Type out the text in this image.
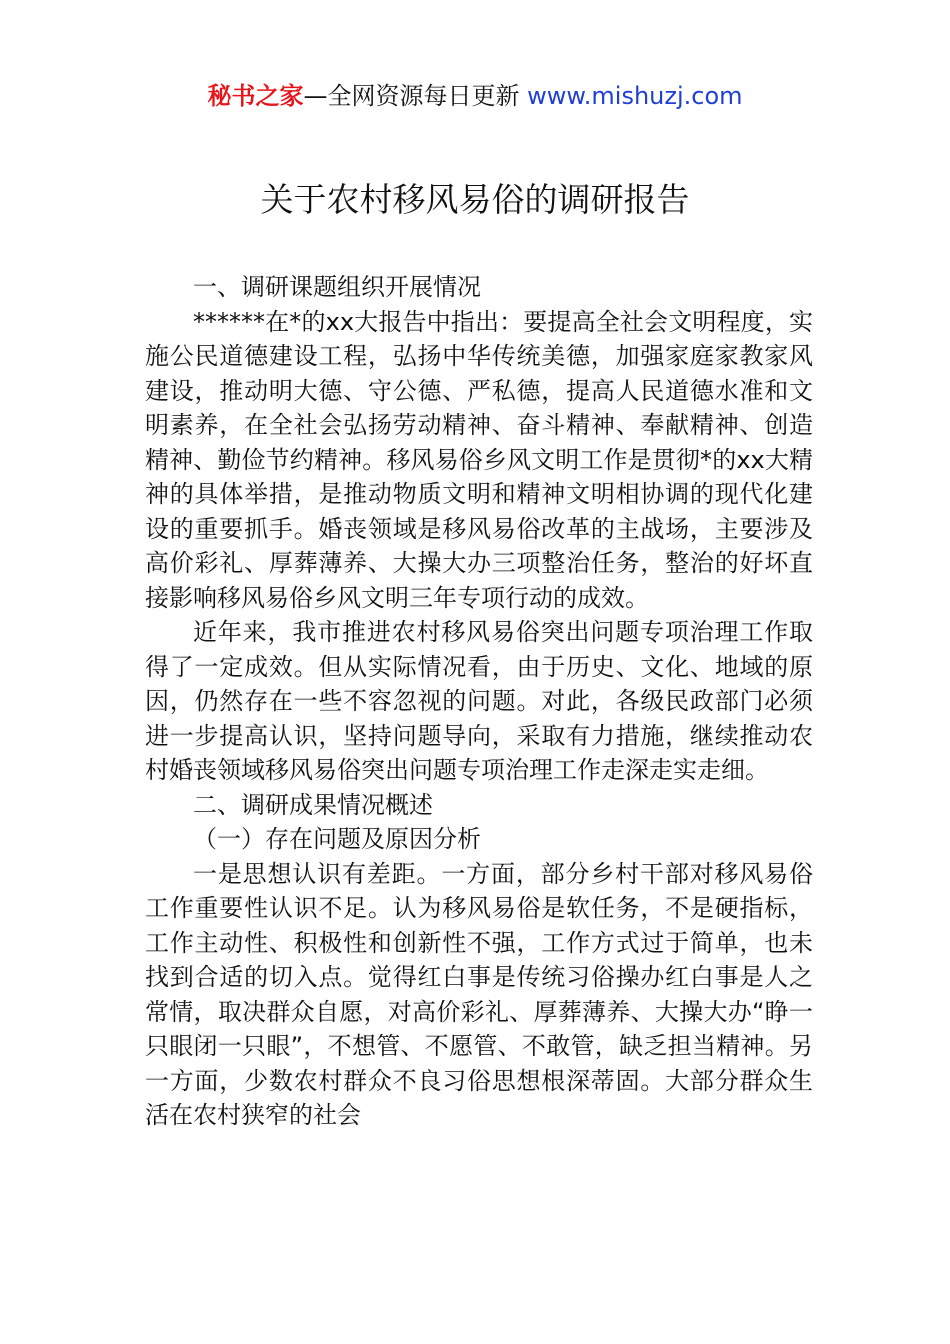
秘书之家—全网资源每日更新 www.mishuzj.com
关于农村移风易俗的调研报告

一、调研课题组织开展情况

******在*的xx大报告中指出：要提高全社会文明程度，实施公民道德建设工程，弘扬中华传统美德，加强家庭家教家风建设，推动明大德、守公德、严私德，提高人民道德水准和文明素养，在全社会弘扬劳动精神、奋斗精神、奉献精神、创造精神、勤俭节约精神。移风易俗乡风文明工作是贯彻*的xx大精神的具体举措，是推动物质文明和精神文明相协调的现代化建设的重要抓手。婚丧领域是移风易俗改革的主战场，主要涉及高价彩礼、厚葬薄养、大操大办三项整治任务，整治的好坏直接影响移风易俗乡风文明三年专项行动的成效。

近年来，我市推进农村移风易俗突出问题专项治理工作取得了一定成效。但从实际情况看，由于历史、文化、地域的原因，仍然存在一些不容忽视的问题。对此，各级民政部门必须进一步提高认识，坚持问题导向，采取有力措施，继续推动农村婚丧领域移风易俗突出问题专项治理工作走深走实走细。

二、调研成果情况概述

（一）存在问题及原因分析

一是思想认识有差距。一方面，部分乡村干部对移风易俗工作重要性认识不足。认为移风易俗是软任务，不是硬指标，工作主动性、积极性和创新性不强，工作方式过于简单，也未找到合适的切入点。觉得红白事是传统习俗操办红白事是人之常情，取决群众自愿，对高价彩礼、厚葬薄养、大操大办“睁一只眼闭一只眼”，不想管、不愿管、不敢管，缺乏担当精神。另一方面，少数农村群众不良习俗思想根深蒂固。大部分群众生活在农村狭窄的社会
